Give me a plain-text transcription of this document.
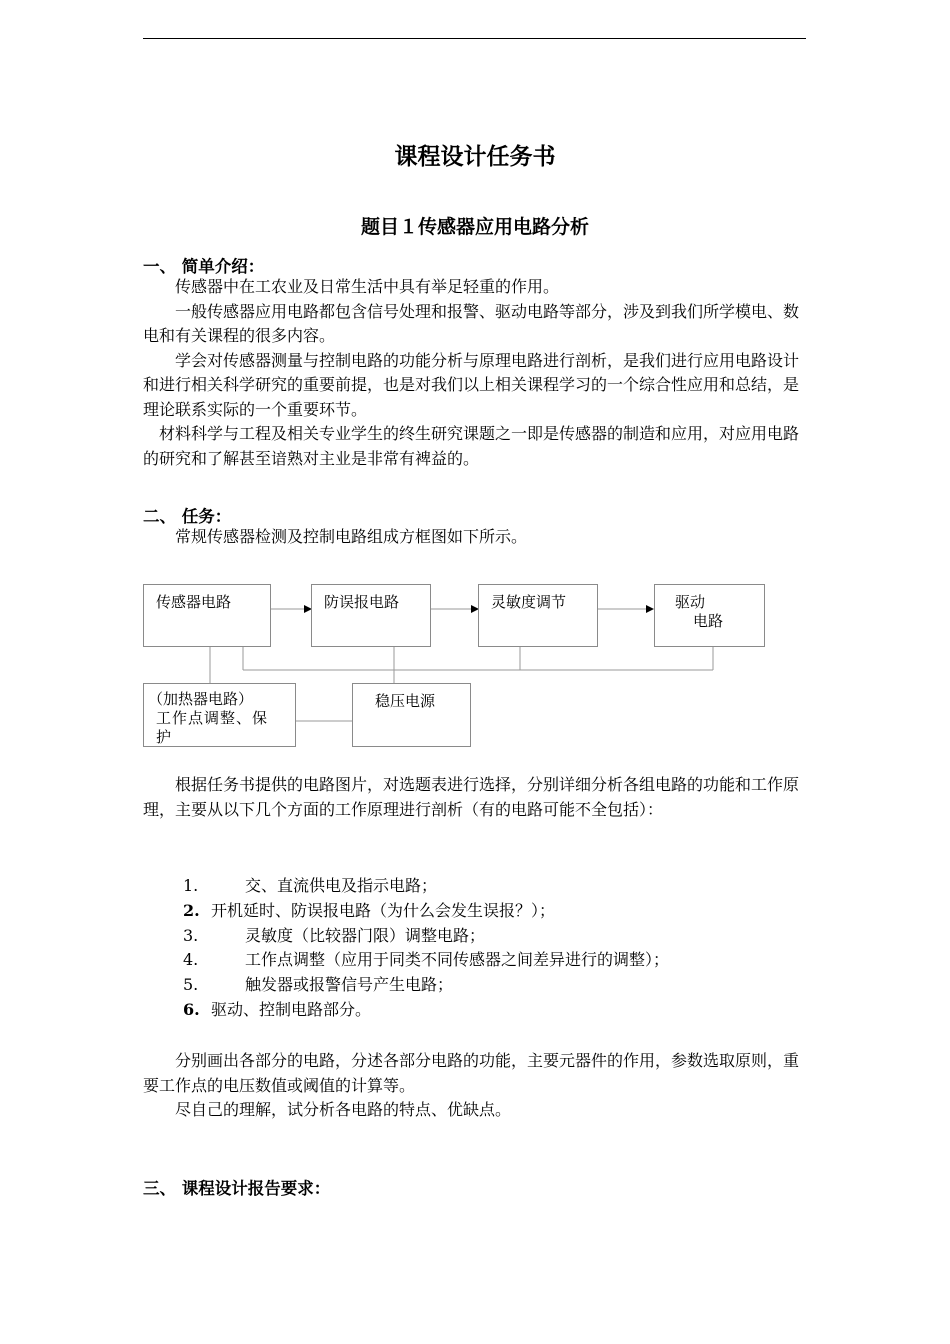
课程设计任务书
题目１传感器应用电路分析
一、 简单介绍：

传感器中在工农业及日常生活中具有举足轻重的作用。

一般传感器应用电路都包含信号处理和报警、驱动电路等部分，涉及到我们所学模电、数电和有关课程的很多内容。

学会对传感器测量与控制电路的功能分析与原理电路进行剖析，是我们进行应用电路设计和进行相关科学研究的重要前提，也是对我们以上相关课程学习的一个综合性应用和总结，是理论联系实际的一个重要环节。

材料科学与工程及相关专业学生的终生研究课题之一即是传感器的制造和应用，对应用电路的研究和了解甚至谙熟对主业是非常有裨益的。

二、 任务：

常规传感器检测及控制电路组成方框图如下所示。

传感器电路	防误报电路	灵敏度调节	驱动
电路
（加热器电路）
工作点调整、保
护
稳压电源

根据任务书提供的电路图片，对选题表进行选择，分别详细分析各组电路的功能和工作原理，主要从以下几个方面的工作原理进行剖析（有的电路可能不全包括）：

1.	交、直流供电及指示电路；
2. 开机延时、防误报电路（为什么会发生误报？）；
3.	灵敏度（比较器门限）调整电路；
4.	工作点调整（应用于同类不同传感器之间差异进行的调整）；
5.	触发器或报警信号产生电路；
6. 驱动、控制电路部分。

分别画出各部分的电路，分述各部分电路的功能，主要元器件的作用，参数选取原则，重要工作点的电压数值或阈值的计算等。

尽自己的理解，试分析各电路的特点、优缺点。

三、 课程设计报告要求：
